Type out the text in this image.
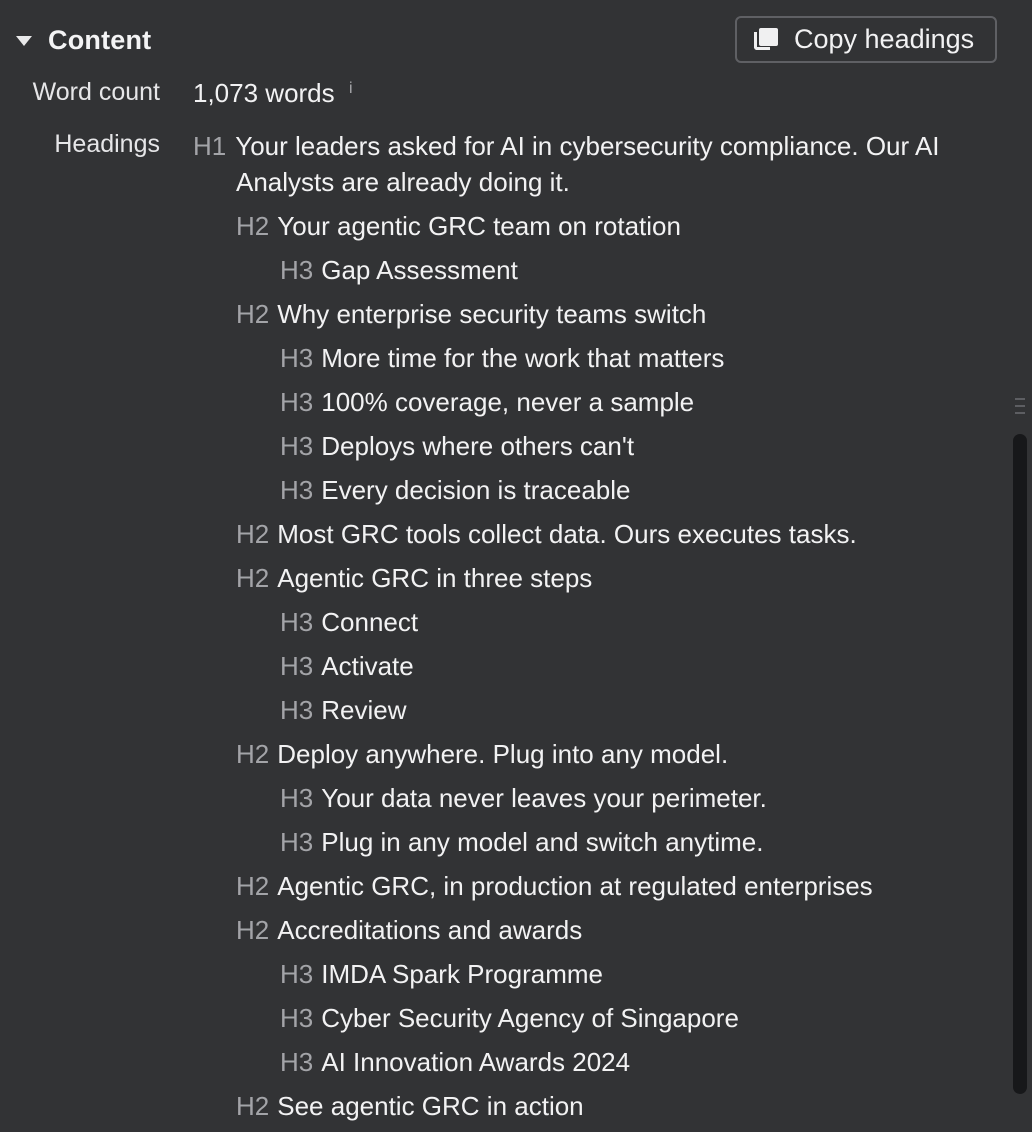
Content	Copy headings
Word count 1,073 words i
Headings H1 Your leaders asked for AI in cybersecurity compliance. Our AI Analysts are already doing it.
H2 Your agentic GRC team on rotation
H3 Gap Assessment
H2 Why enterprise security teams switch
H3 More time for the work that matters
H3 100% coverage, never a sample
H3 Deploys where others can't
H3 Every decision is traceable
H2 Most GRC tools collect data. Ours executes tasks.
H2 Agentic GRC in three steps
H3 Connect
H3 Activate
H3 Review
H2 Deploy anywhere. Plug into any model.
H3 Your data never leaves your perimeter.
H3 Plug in any model and switch anytime.
H2 Agentic GRC, in production at regulated enterprises
H2 Accreditations and awards
H3 IMDA Spark Programme
H3 Cyber Security Agency of Singapore
H3 AI Innovation Awards 2024
H2 See agentic GRC in action
